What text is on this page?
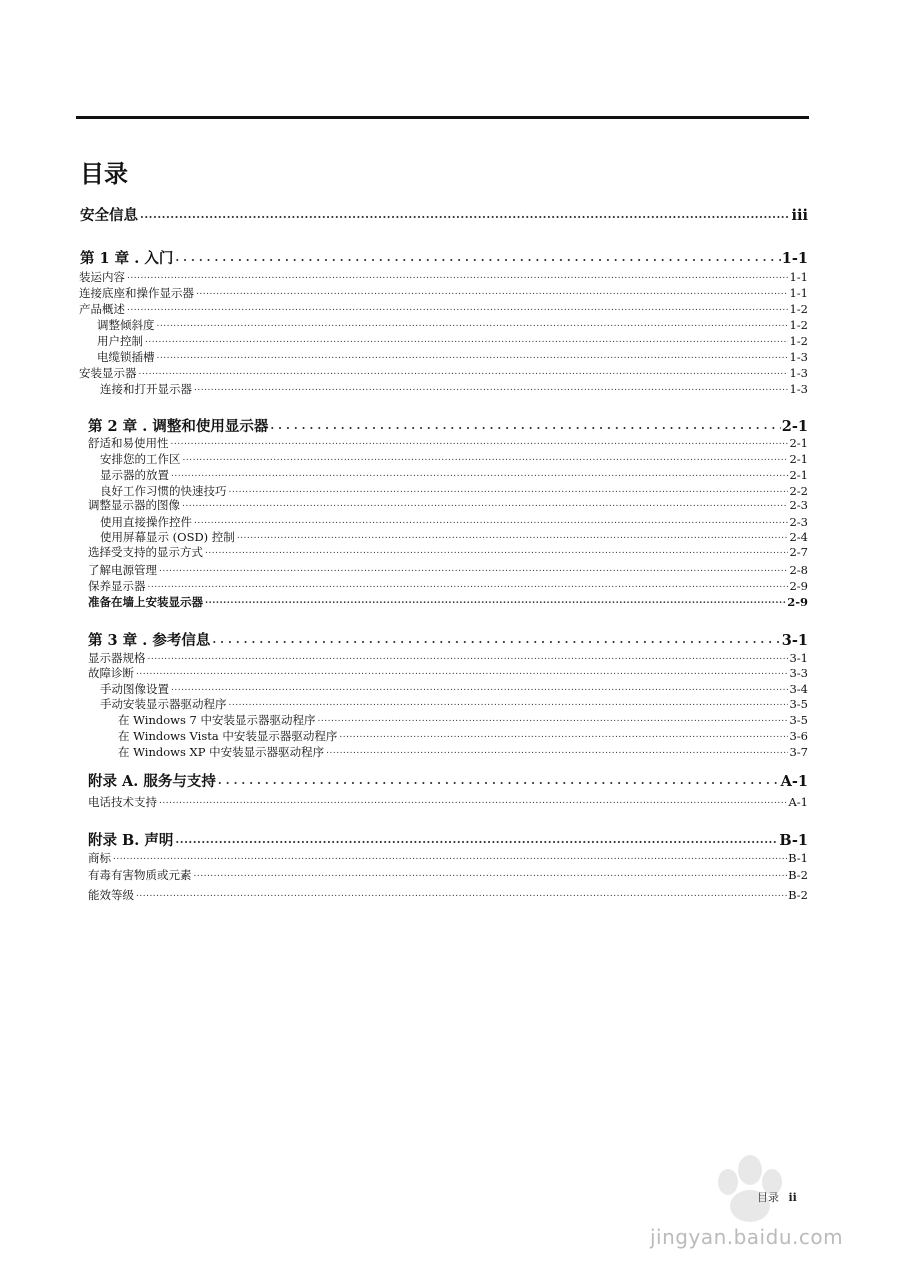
目录
安全信息 .....	iii
第 1 章 . 入门 .....	1-1
装运内容 .....	1-1
连接底座和操作显示器 .....	1-1
产品概述 .....	1-2
调整倾斜度 .....	1-2
用户控制 .....	1-2
电缆锁插槽 .....	1-3
安装显示器 .....	1-3
连接和打开显示器 .....	1-3
第 2 章 . 调整和使用显示器 .....	2-1
舒适和易使用性 .....	2-1
安排您的工作区 .....	2-1
显示器的放置 .....	2-1
良好工作习惯的快速技巧 .....	2-2
调整显示器的图像 .....	2-3
使用直接操作控件 .....	2-3
使用屏幕显示 (OSD) 控制 .....	2-4
选择受支持的显示方式 .....	2-7
了解电源管理 .....	2-8
保养显示器 .....	2-9
准备在墙上安装显示器 .....	2-9
第 3 章 . 参考信息 .....	3-1
显示器规格 .....	3-1
故障诊断 .....	3-3
手动图像设置 .....	3-4
手动安装显示器驱动程序 .....	3-5
在 Windows 7 中安装显示器驱动程序 .....	3-5
在 Windows Vista 中安装显示器驱动程序 .....	3-6
在 Windows XP 中安装显示器驱动程序 .....	3-7
附录 A. 服务与支持 .....	A-1
电话技术支持 .....	A-1
附录 B. 声明 .....	B-1
商标 .....	B-1
有毒有害物质或元素 .....	B-2
能效等级 .....	B-2
目录 ii
jingyan.baidu.com
